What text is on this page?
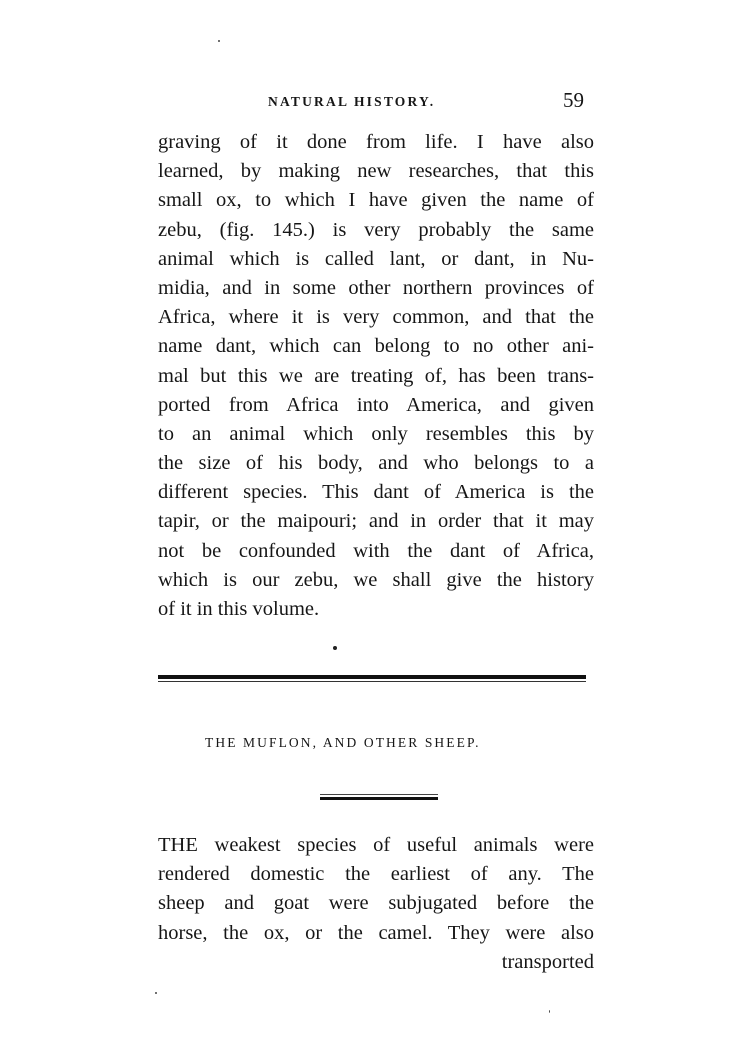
NATURAL HISTORY.	59
graving of it done from life. I have also
learned, by making new researches, that this
small ox, to which I have given the name of
zebu, (fig. 145.) is very probably the same
animal which is called lant, or dant, in Nu-
midia, and in some other northern provinces of
Africa, where it is very common, and that the
name dant, which can belong to no other ani-
mal but this we are treating of, has been trans-
ported from Africa into America, and given
to an animal which only resembles this by
the size of his body, and who belongs to a
different species. This dant of America is the
tapir, or the maipouri; and in order that it may
not be confounded with the dant of Africa,
which is our zebu, we shall give the history
of it in this volume.
THE MUFLON, AND OTHER SHEEP.
THE weakest species of useful animals were
rendered domestic the earliest of any. The
sheep and goat were subjugated before the
horse, the ox, or the camel. They were also
transported
